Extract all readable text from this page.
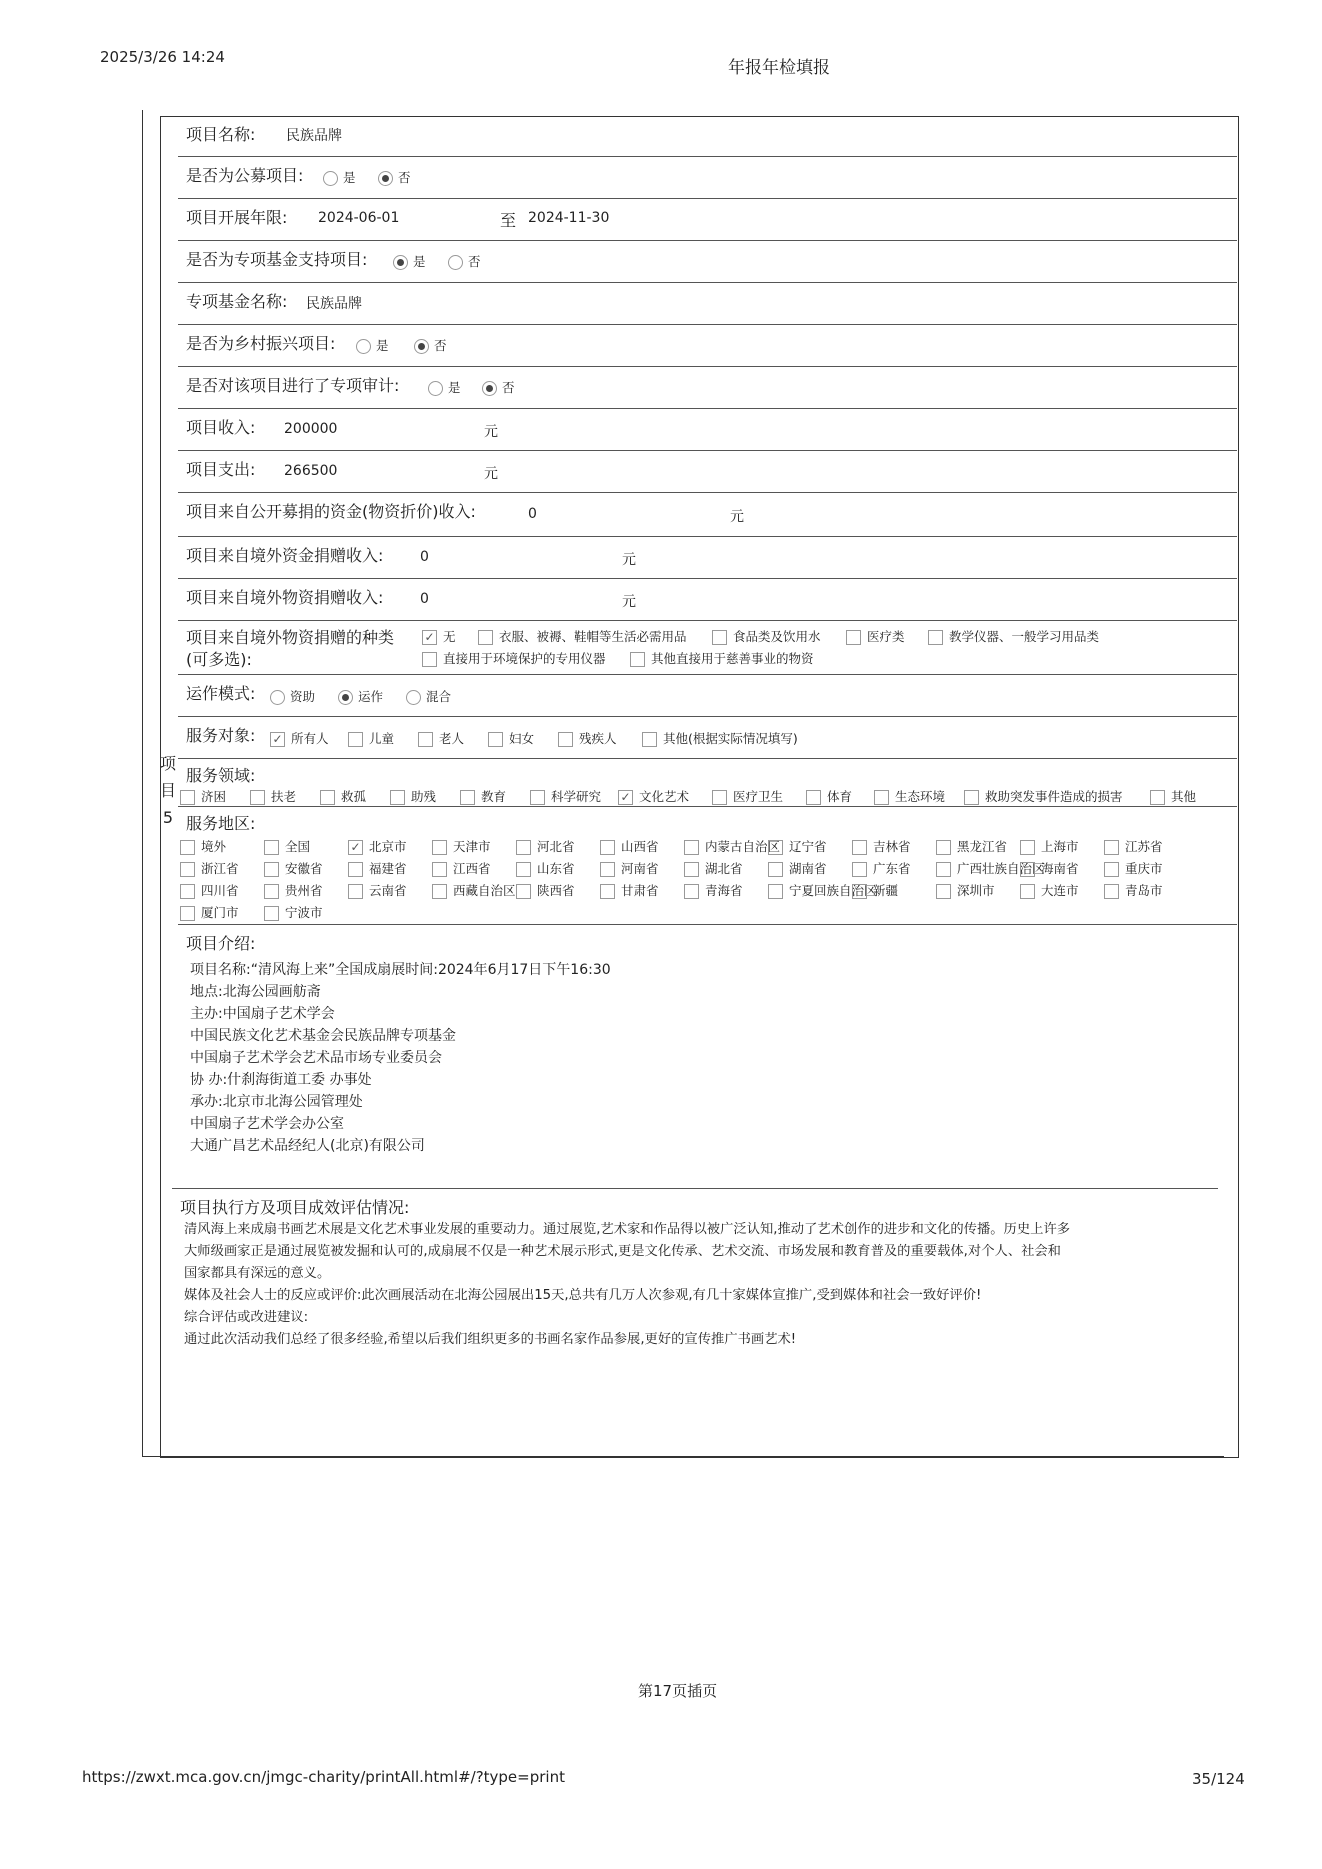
2025/3/26 14:24
年报年检填报
项
目
5
项目名称: 民族品牌
是否为公募项目:	是	否
项目开展年限: 2024-06-01	至 2024-11-30
是否为专项基金支持项目:	是	否
专项基金名称: 民族品牌
是否为乡村振兴项目:	是	否
是否对该项目进行了专项审计:	是	否
项目收入: 200000	元
项目支出: 266500	元
项目来自公开募捐的资金(物资折价)收入:	0	元
项目来自境外资金捐赠收入:	0	元
项目来自境外物资捐赠收入:	0	元
项目来自境外物资捐赠的种类
(可多选):
✓ 无	衣服、被褥、鞋帽等生活必需用品	食品类及饮用水	医疗类	教学仪器、一般学习用品类
直接用于环境保护的专用仪器	其他直接用于慈善事业的物资
运作模式:	资助	运作	混合
服务对象: ✓ 所有人	儿童	老人	妇女	残疾人	其他(根据实际情况填写)
服务领域:
济困	扶老	救孤	助残	教育	科学研究 ✓ 文化艺术	医疗卫生	体育	生态环境	救助突发事件造成的损害	其他
服务地区:
境外	全国	✓ 北京市	天津市	河北省	山西省	内蒙古自治区 辽宁省	吉林省	黑龙江省	上海市	江苏省
浙江省	安徽省	福建省	江西省	山东省	河南省	湖北省	湖南省	广东省	广西壮族自治区
海南省	重庆市
四川省	贵州省	云南省	西藏自治区	陕西省	甘肃省	青海省	宁夏回族自治区
新疆	深圳市	大连市	青岛市
厦门市	宁波市
项目介绍:
项目名称:“清风海上来”全国成扇展时间:2024年6月17日下午16:30
地点:北海公园画舫斋
主办:中国扇子艺术学会
中国民族文化艺术基金会民族品牌专项基金
中国扇子艺术学会艺术品市场专业委员会
协 办:什刹海街道工委 办事处
承办:北京市北海公园管理处
中国扇子艺术学会办公室
大通广昌艺术品经纪人(北京)有限公司
项目执行方及项目成效评估情况:
清风海上来成扇书画艺术展是文化艺术事业发展的重要动力。通过展览,艺术家和作品得以被广泛认知,推动了艺术创作的进步和文化的传播。历史上许多
大师级画家正是通过展览被发掘和认可的,成扇展不仅是一种艺术展示形式,更是文化传承、艺术交流、市场发展和教育普及的重要载体,对个人、社会和
国家都具有深远的意义。
媒体及社会人士的反应或评价:此次画展活动在北海公园展出15天,总共有几万人次参观,有几十家媒体宣推广,受到媒体和社会一致好评价!
综合评估或改进建议:
通过此次活动我们总经了很多经验,希望以后我们组织更多的书画名家作品参展,更好的宣传推广书画艺术!
第17页插页
https://zwxt.mca.gov.cn/jmgc-charity/printAll.html#/?type=print	35/124
